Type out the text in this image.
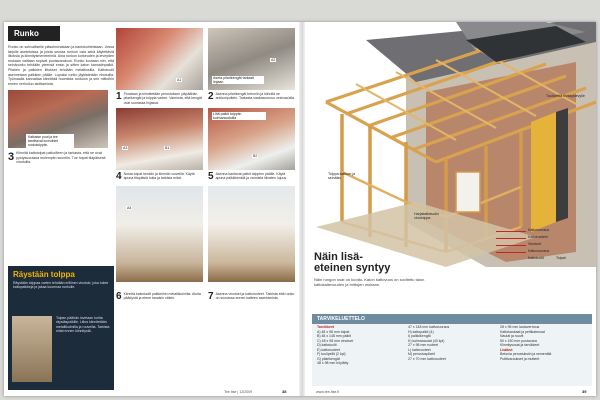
Runko
Runko on sohvalliselle yläsolmivastaan ja kantokohteistaan. Jossa tarjolle asetetuissa ja joista seuraa runkon osia sekä käytettäviä liitoksia ja kiinnitysmenetelmiä. Aina runkon korkeuden ja leveyden mukaan valitaan sopivat puutavarakoot. Runko kootaan niin, että seinärunko tehdään yleensä ensin ja sitten katon kannatinpalkit. Pilarien ja palkkien liitokset tehdään metalliosilla. Kattotuolit asennetaan palkkien päälle. Lopuksi runko jäykistetään vinotuilla. Työmaalla kannattaa kiinnittää huomiota runkoon ja sen mittoihin ennen verhoilun aloittamista.
Katkaise puut ja tee tarvittavat loveukset runkotolppiin.
3 Kiinnitä kattotolpat paikoilleen ja tarkasta, että ne ovat pystysuorassa molempiin suuntiin. Tue tolpat tilapäisesti vinotuilla.
Räystään tolppa
Räystään tolppaa varten tehdään erillinen vinotuki, joka tukee kattopalkkeja ja jakaa kuormaa runkolle.
Tolpan päähän lovetaan kohta räystäspalkille. Liitos kiinnitetään metallikulmilla ja ruuveilla. Tarkista mitat ennen kiinnitystä.
A1
1 Porataan ja kiinnitetään perustuksen yläpäähän pilarikengät ja tolppia varten. Varmista, että kengät ovat suorassa linjassa.
Aseta pilarikengät tarkasti linjaan
A2
2 Asenna pilarikengät betoniin ja kiinnitä ne ankkuripultein. Tarkasta vaakasuoruus vesivaa'alla.
A3	B1
4 Nosta tolpat kenkiin ja kiinnitä ruuveilla. Käytä apuna tilapäisiä tukia ja tarkista mitat.
Liitä palkit tolppiin kulmaraudoilla
B2
5 Asenna kantavat palkit tolppien päälle. Käytä apuna palkkikenkiä ja varmista liitosten lujuus.
A4
6 Kiinnitä kattotuolit palkkeihin metallikulmilla. Aloita päädystä ja etene tasaisin välein.	7 Asenna vinotuet ja kattoruoteet. Tarkista että runko on suorassa ennen katteen asentamista.
Tee itse | 12/2009	38
Tuulipeltiä tiivistyslevylle
Tolppa kattoon ja seinään
Harjakattotuolin vinotolppa
Kattovuoraus
Kattoruoteet
Vinotuet
Kattovuoraus
Kattotuolit	Tolpat
Näin lisä-
eteinen syntyy
Näin rungon osat on koottu. Katon kattovuos on sovitettu talon kattokaltevuuden ja mittojen mukaan.
TARVIKELUETTELO
Tarvikkeet
A) 48 x 98 mm tolpat
B) 48 x 148 mm palkit
C) 48 x 98 mm vinotuet
D) kattotuolit
E) kattoruoteet
F) tuulipellit (2 kpl)
G) pilarikengät
48 x 98 mm höylätty
47 x 148 mm kattovuoraus
H) kattopalkit (4)
I) palkkikengät
K) kulmaraudat (40 kpl)
27 x 98 mm ruoteet
L) kattoruoteet
M) perustuspilarit
27 x 70 mm kattoruoteet
28 x 95 mm lautaverhous
Kattokankaat ja peltikateosat
Naulat ja ruuvit
50 x 150 mm puutavara
Kiinnitysosat ja tarvikkeet
Lisäksi:
Betonia perustuksiin ja sementtiä
Pulttivaraukset ja mutterit
www.tee-itse.fi	39
